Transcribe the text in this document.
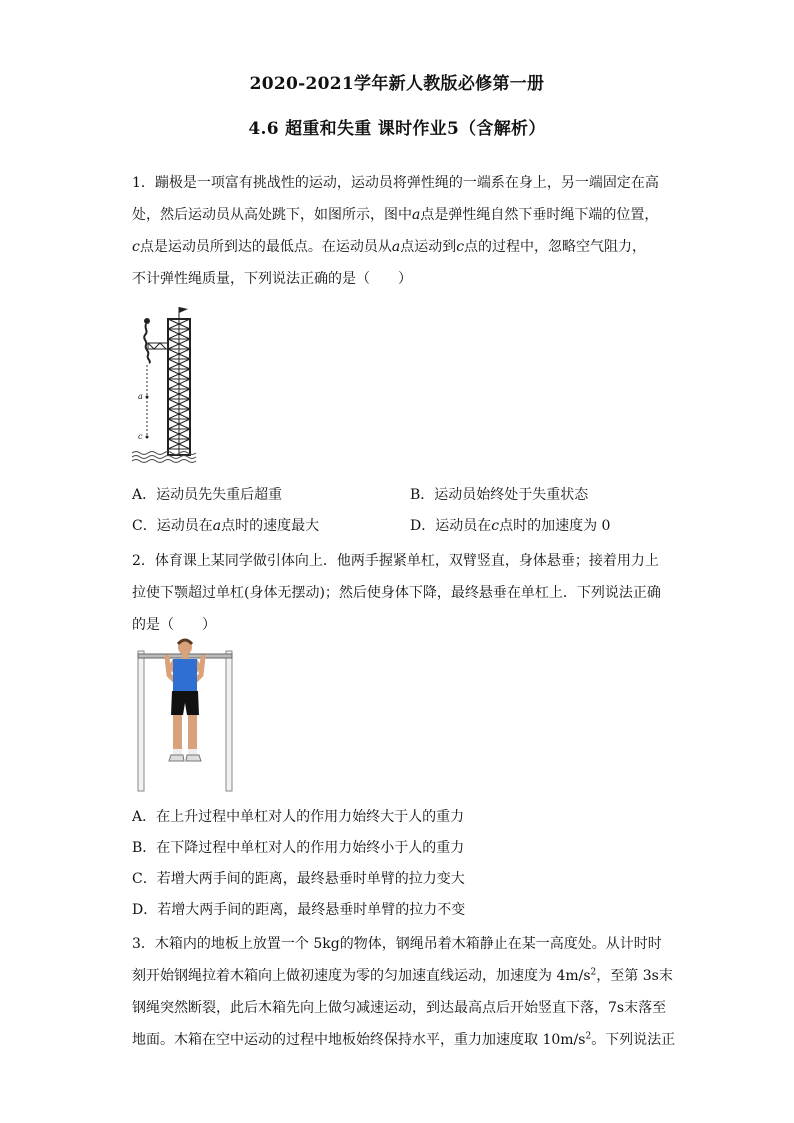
2020-2021学年新人教版必修第一册
4.6 超重和失重 课时作业5（含解析）
1．蹦极是一项富有挑战性的运动，运动员将弹性绳的一端系在身上，另一端固定在高
处，然后运动员从高处跳下，如图所示，图中a点是弹性绳自然下垂时绳下端的位置，
c点是运动员所到达的最低点。在运动员从a点运动到c点的过程中，忽略空气阻力，
不计弹性绳质量，下列说法正确的是（　　）
a
c
A．运动员先失重后超重	B．运动员始终处于失重状态
C．运动员在a点时的速度最大	D．运动员在c点时的加速度为 0
2．体育课上某同学做引体向上．他两手握紧单杠，双臂竖直，身体悬垂；接着用力上
拉使下颚超过单杠(身体无摆动)；然后使身体下降，最终悬垂在单杠上．下列说法正确
的是（　　）
A．在上升过程中单杠对人的作用力始终大于人的重力
B．在下降过程中单杠对人的作用力始终小于人的重力
C．若增大两手间的距离，最终悬垂时单臂的拉力变大
D．若增大两手间的距离，最终悬垂时单臂的拉力不变
3．木箱内的地板上放置一个 5kg的物体，钢绳吊着木箱静止在某一高度处。从计时时
刻开始钢绳拉着木箱向上做初速度为零的匀加速直线运动，加速度为 $4m/s^2$，至第 3s末
钢绳突然断裂，此后木箱先向上做匀减速运动，到达最高点后开始竖直下落，7s末落至
地面。木箱在空中运动的过程中地板始终保持水平，重力加速度取 $10m/s^2$。下列说法正
